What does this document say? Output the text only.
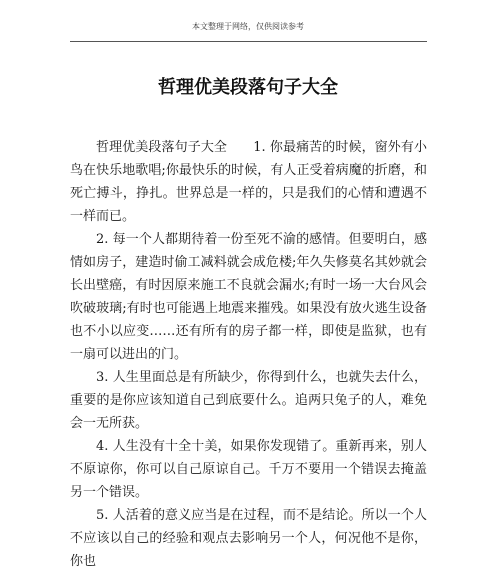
本文整理于网络，仅供阅读参考
哲理优美段落句子大全

哲理优美段落句子大全　　1. 你最痛苦的时候，窗外有小鸟在快乐地歌唱;你最快乐的时候，有人正受着病魔的折磨，和死亡搏斗，挣扎。世界总是一样的，只是我们的心情和遭遇不一样而已。

2. 每一个人都期待着一份至死不渝的感情。但要明白，感情如房子，建造时偷工减料就会成危楼;年久失修莫名其妙就会长出壁癌，有时因原来施工不良就会漏水;有时一场一大台风会吹破玻璃;有时也可能遇上地震来摧残。如果没有放火逃生设备也不小以应变……还有所有的房子都一样，即使是监狱，也有一扇可以进出的门。

3. 人生里面总是有所缺少，你得到什么，也就失去什么，重要的是你应该知道自己到底要什么。追两只兔子的人，难免会一无所获。

4. 人生没有十全十美，如果你发现错了。重新再来，别人不原谅你，你可以自己原谅自己。千万不要用一个错误去掩盖另一个错误。

5. 人活着的意义应当是在过程，而不是结论。所以一个人不应该以自己的经验和观点去影响另一个人，何况他不是你，你也
